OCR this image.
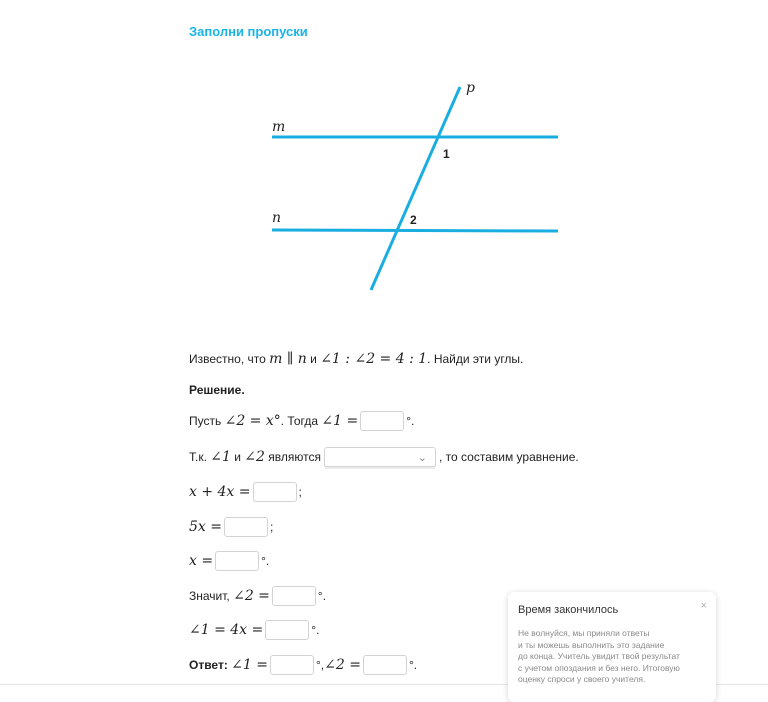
Заполни пропуски
m
n
p
1
2
Известно, что
m ∥ n
и
∠1 : ∠2 = 4 : 1 . Найди эти углы.
Решение.
Пусть
∠2 = x° . Тогда
∠1 =	°.
Т.к.
∠1
и
∠2
являются	⌄ , то составим уравнение.
x + 4x =	;
5x =	;
x =	°.
Значит,
∠2 =	°.
∠1 = 4x =	°.
Ответ:
∠1 =	°, ∠2 =	°.
×
Время закончилось
Не волнуйся, мы приняли ответы
и ты можешь выполнить это задание
до конца. Учитель увидит твой результат
с учетом опоздания и без него. Итоговую
оценку спроси у своего учителя.
